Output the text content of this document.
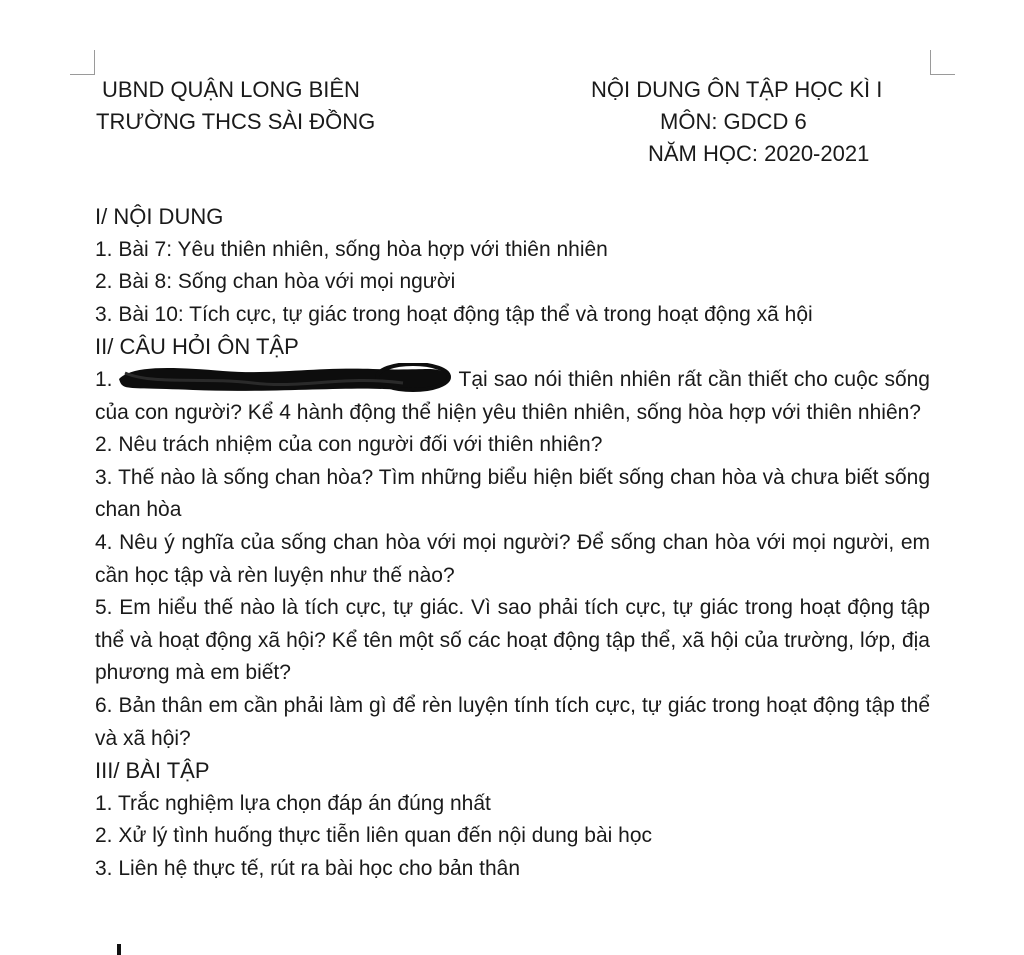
UBND QUẬN LONG BIÊN
TRƯỜNG THCS SÀI ĐỒNG
NỘI DUNG ÔN TẬP HỌC KÌ I
MÔN: GDCD 6
NĂM HỌC: 2020-2021
I/ NỘI DUNG
1. Bài 7: Yêu thiên nhiên, sống hòa hợp với thiên nhiên
2. Bài 8: Sống chan hòa với mọi người
3. Bài 10: Tích cực, tự giác trong hoạt động tập thể và trong hoạt động xã hội
II/ CÂU HỎI ÔN TẬP
1.	Tại sao nói thiên nhiên rất cần thiết cho cuộc sống của con người? Kể 4 hành động thể hiện yêu thiên nhiên, sống hòa hợp với thiên nhiên?
2. Nêu trách nhiệm của con người đối với thiên nhiên?
3. Thế nào là sống chan hòa? Tìm những biểu hiện biết sống chan hòa và chưa biết sống chan hòa
4. Nêu ý nghĩa của sống chan hòa với mọi người? Để sống chan hòa với mọi người, em cần học tập và rèn luyện như thế nào?
5. Em hiểu thế nào là tích cực, tự giác. Vì sao phải tích cực, tự giác trong hoạt động tập thể và hoạt động xã hội? Kể tên một số các hoạt động tập thể, xã hội của trường, lớp, địa phương mà em biết?
6. Bản thân em cần phải làm gì để rèn luyện tính tích cực, tự giác trong hoạt động tập thể và xã hội?
III/ BÀI TẬP
1. Trắc nghiệm lựa chọn đáp án đúng nhất
2. Xử lý tình huống thực tiễn liên quan đến nội dung bài học
3. Liên hệ thực tế, rút ra bài học cho bản thân
